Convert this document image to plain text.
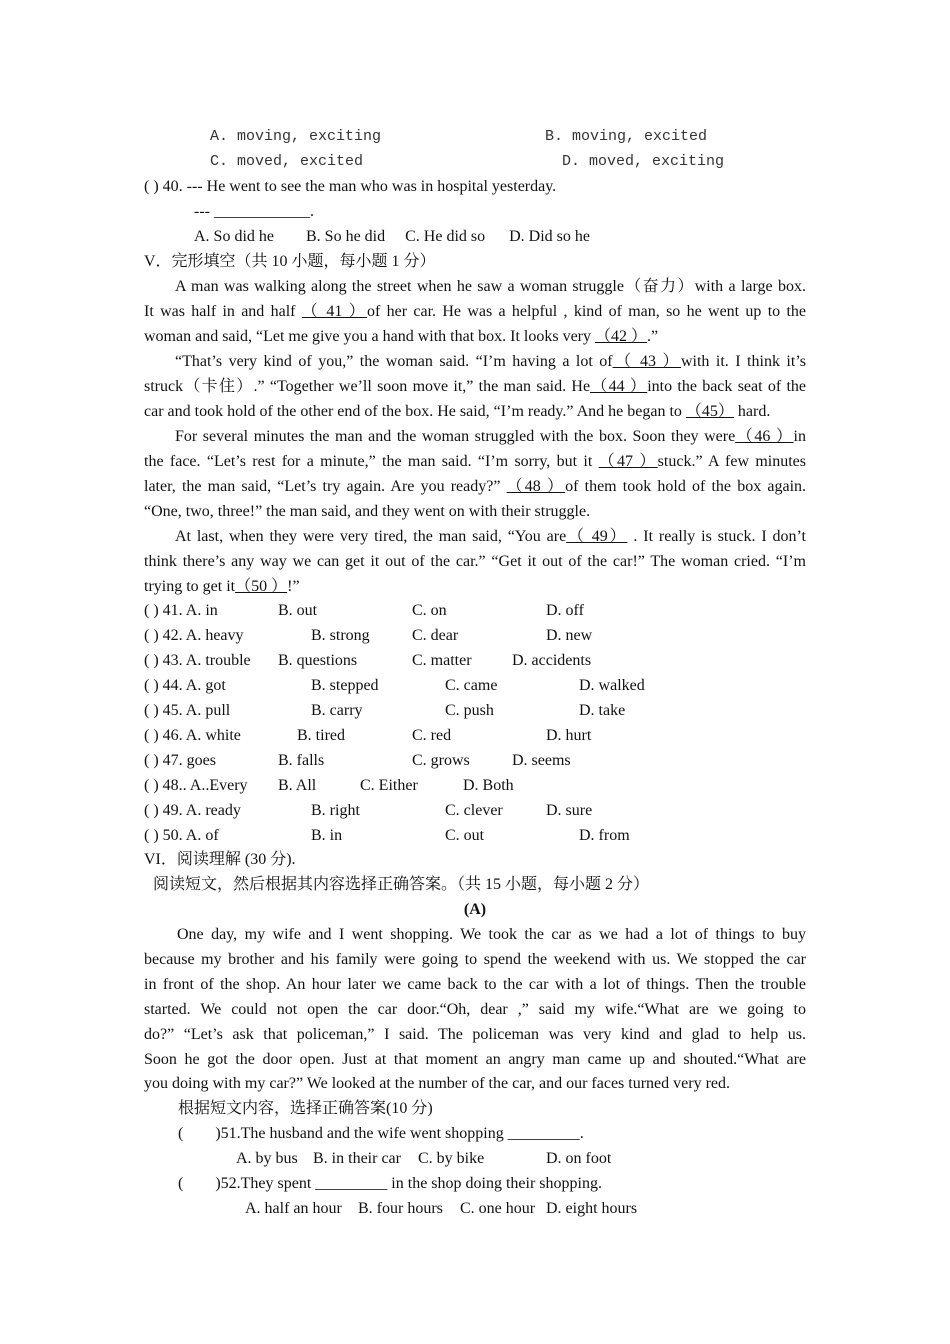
A. moving, exciting	B. moving, excited
C. moved, excited	D. moved, exciting
( ) 40. --- He went to see the man who was in hospital yesterday.
--- ____________.
A. So did he        B. So he did     C. He did so      D. Did so he
V．完形填空（共 10 小题，每小题 1 分）
A man was walking along the street when he saw a woman struggle（奋力）with a large box.
It was half in and half （ 41 ）of her car. He was a helpful , kind of man, so he went up to the
woman and said, “Let me give you a hand with that box. It looks very （42 ）.”
“That’s very kind of you,” the woman said. “I’m having a lot of（ 43 ）with it. I think it’s
struck（卡住）.” “Together we’ll soon move it,” the man said. He（44 ）into the back seat of the
car and took hold of the other end of the box. He said, “I’m ready.” And he began to （45） hard.
For several minutes the man and the woman struggled with the box. Soon they were（46 ）in
the face. “Let’s rest for a minute,” the man said. “I’m sorry, but it （47 ）stuck.” A few minutes
later, the man said, “Let’s try again. Are you ready?” （48 ）of them took hold of the box again.
“One, two, three!” the man said, and they went on with their struggle.
At last, when they were very tired, the man said, “You are（ 49） . It really is stuck. I don’t
think there’s any way we can get it out of the car.” “Get it out of the car!” The woman cried. “I’m
trying to get it（50 ）!”
( ) 41. A. in	B. out	C. on	D. off
( ) 42. A. heavy	B. strong	C. dear	D. new
( ) 43. A. trouble B. questions	C. matter	D. accidents
( ) 44. A. got	B. stepped	C. came	D. walked
( ) 45. A. pull	B. carry	C. push	D. take
( ) 46. A. white	B. tired	C. red	D. hurt
( ) 47. goes	B. falls	C. grows	D. seems
( ) 48.. A..Every B. All	C. Either	D. Both
( ) 49. A. ready	B. right	C. clever	D. sure
( ) 50. A. of	B. in	C. out	D. from
VI．阅读理解 (30 分).
阅读短文，然后根据其内容选择正确答案。（共 15 小题，每小题 2 分）
(A)
One day, my wife and I went shopping. We took the car as we had a lot of things to buy
because my brother and his family were going to spend the weekend with us. We stopped the car
in front of the shop. An hour later we came back to the car with a lot of things. Then the trouble
started. We could not open the car door.“Oh, dear ,” said my wife.“What are we going to
do?” “Let’s ask that policeman,” I said. The policeman was very kind and glad to help us.
Soon he got the door open. Just at that moment an angry man came up and shouted.“What are
you doing with my car?” We looked at the number of the car, and our faces turned very red.
根据短文内容，选择正确答案(10 分)
(        )51.The husband and the wife went shopping _________.
A. by bus B. in their car C. by bike	D. on foot
(        )52.They spent _________ in the shop doing their shopping.
A. half an hour B. four hours C. one hour D. eight hours
